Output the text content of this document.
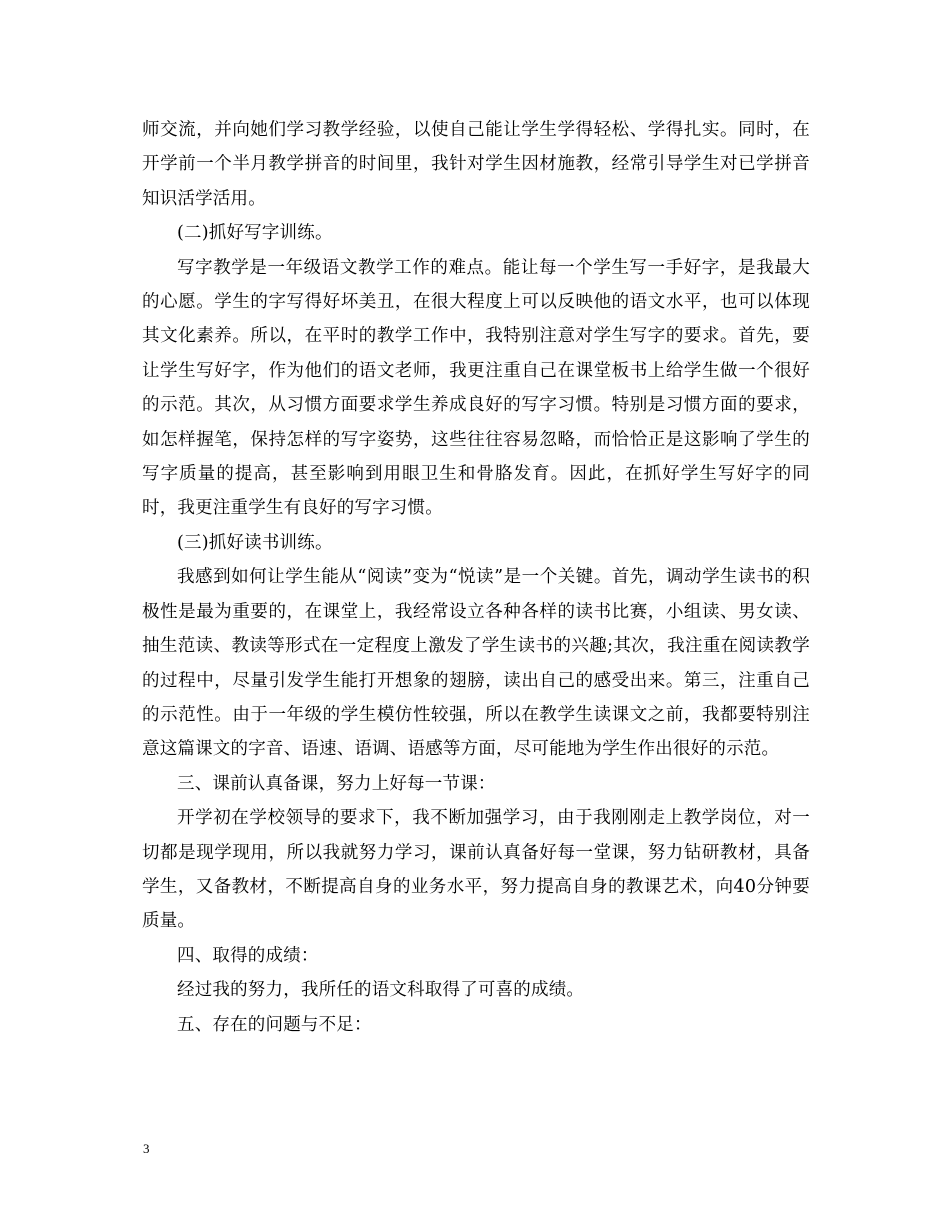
师交流，并向她们学习教学经验，以使自己能让学生学得轻松、学得扎实。同时，在开学前一个半月教学拼音的时间里，我针对学生因材施教，经常引导学生对已学拼音知识活学活用。

(二)抓好写字训练。

写字教学是一年级语文教学工作的难点。能让每一个学生写一手好字，是我最大的心愿。学生的字写得好坏美丑，在很大程度上可以反映他的语文水平，也可以体现其文化素养。所以，在平时的教学工作中，我特别注意对学生写字的要求。首先，要让学生写好字，作为他们的语文老师，我更注重自己在课堂板书上给学生做一个很好的示范。其次，从习惯方面要求学生养成良好的写字习惯。特别是习惯方面的要求，如怎样握笔，保持怎样的写字姿势，这些往往容易忽略，而恰恰正是这影响了学生的写字质量的提高，甚至影响到用眼卫生和骨胳发育。因此，在抓好学生写好字的同时，我更注重学生有良好的写字习惯。

(三)抓好读书训练。

我感到如何让学生能从“阅读”变为“悦读”是一个关键。首先，调动学生读书的积极性是最为重要的，在课堂上，我经常设立各种各样的读书比赛，小组读、男女读、抽生范读、教读等形式在一定程度上激发了学生读书的兴趣;其次，我注重在阅读教学的过程中，尽量引发学生能打开想象的翅膀，读出自己的感受出来。第三，注重自己的示范性。由于一年级的学生模仿性较强，所以在教学生读课文之前，我都要特别注意这篇课文的字音、语速、语调、语感等方面，尽可能地为学生作出很好的示范。

三、课前认真备课，努力上好每一节课：

开学初在学校领导的要求下，我不断加强学习，由于我刚刚走上教学岗位，对一切都是现学现用，所以我就努力学习，课前认真备好每一堂课，努力钻研教材，具备学生，又备教材，不断提高自身的业务水平，努力提高自身的教课艺术，向40分钟要质量。

四、取得的成绩：

经过我的努力，我所任的语文科取得了可喜的成绩。

五、存在的问题与不足：

3
